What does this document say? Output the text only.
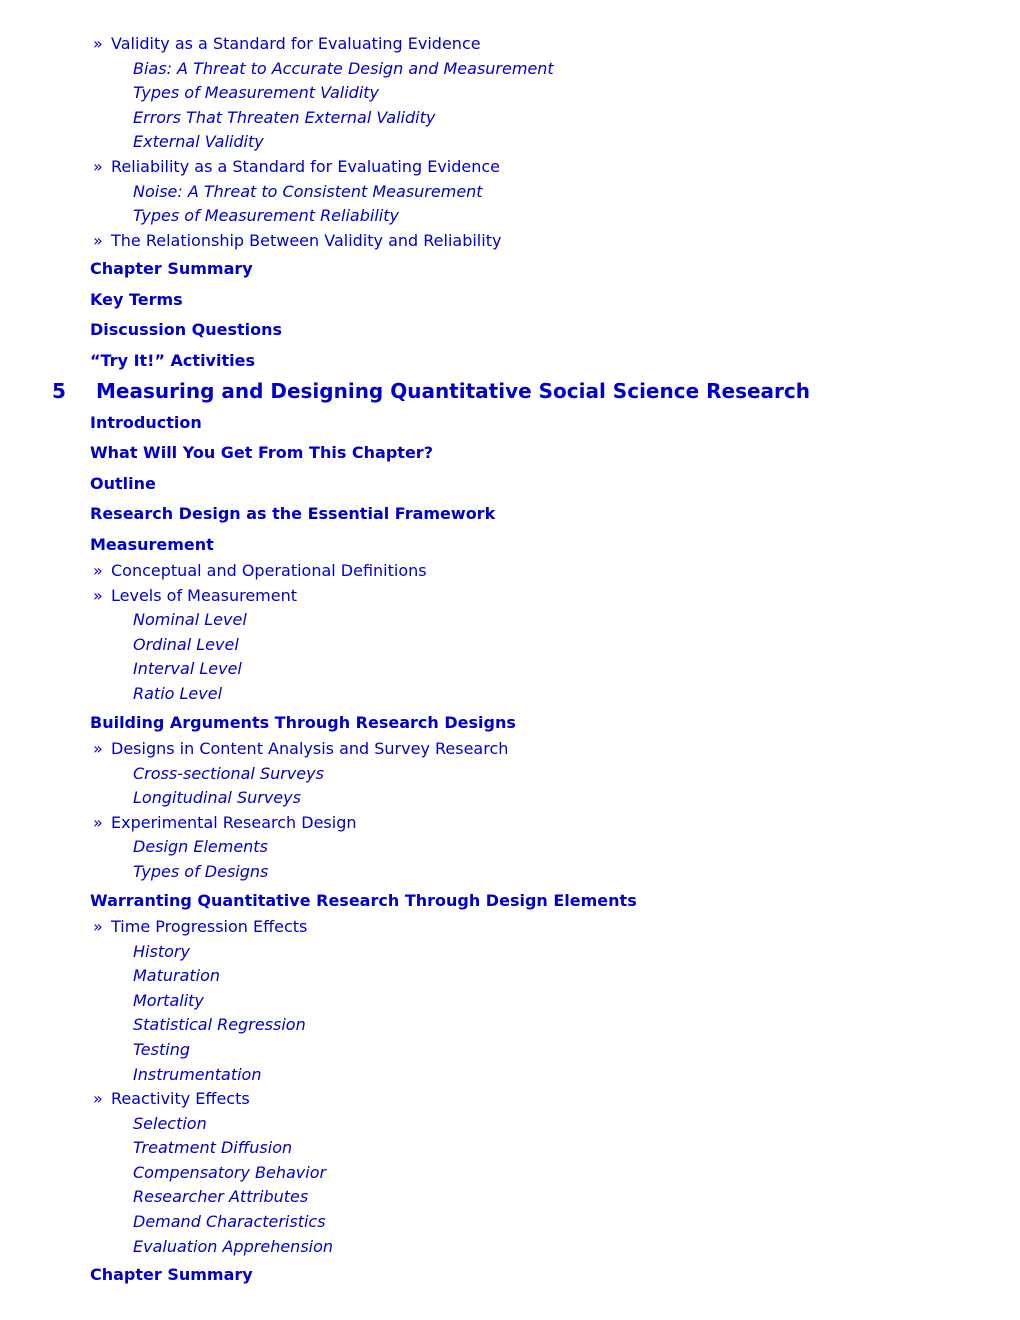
» Validity as a Standard for Evaluating Evidence
Bias: A Threat to Accurate Design and Measurement
Types of Measurement Validity
Errors That Threaten External Validity
External Validity
» Reliability as a Standard for Evaluating Evidence
Noise: A Threat to Consistent Measurement
Types of Measurement Reliability
» The Relationship Between Validity and Reliability
Chapter Summary
Key Terms
Discussion Questions
“Try It!” Activities
5 Measuring and Designing Quantitative Social Science Research
Introduction
What Will You Get From This Chapter?
Outline
Research Design as the Essential Framework
Measurement
» Conceptual and Operational Definitions
» Levels of Measurement
Nominal Level
Ordinal Level
Interval Level
Ratio Level
Building Arguments Through Research Designs
» Designs in Content Analysis and Survey Research
Cross-sectional Surveys
Longitudinal Surveys
» Experimental Research Design
Design Elements
Types of Designs
Warranting Quantitative Research Through Design Elements
» Time Progression Effects
History
Maturation
Mortality
Statistical Regression
Testing
Instrumentation
» Reactivity Effects
Selection
Treatment Diffusion
Compensatory Behavior
Researcher Attributes
Demand Characteristics
Evaluation Apprehension
Chapter Summary
